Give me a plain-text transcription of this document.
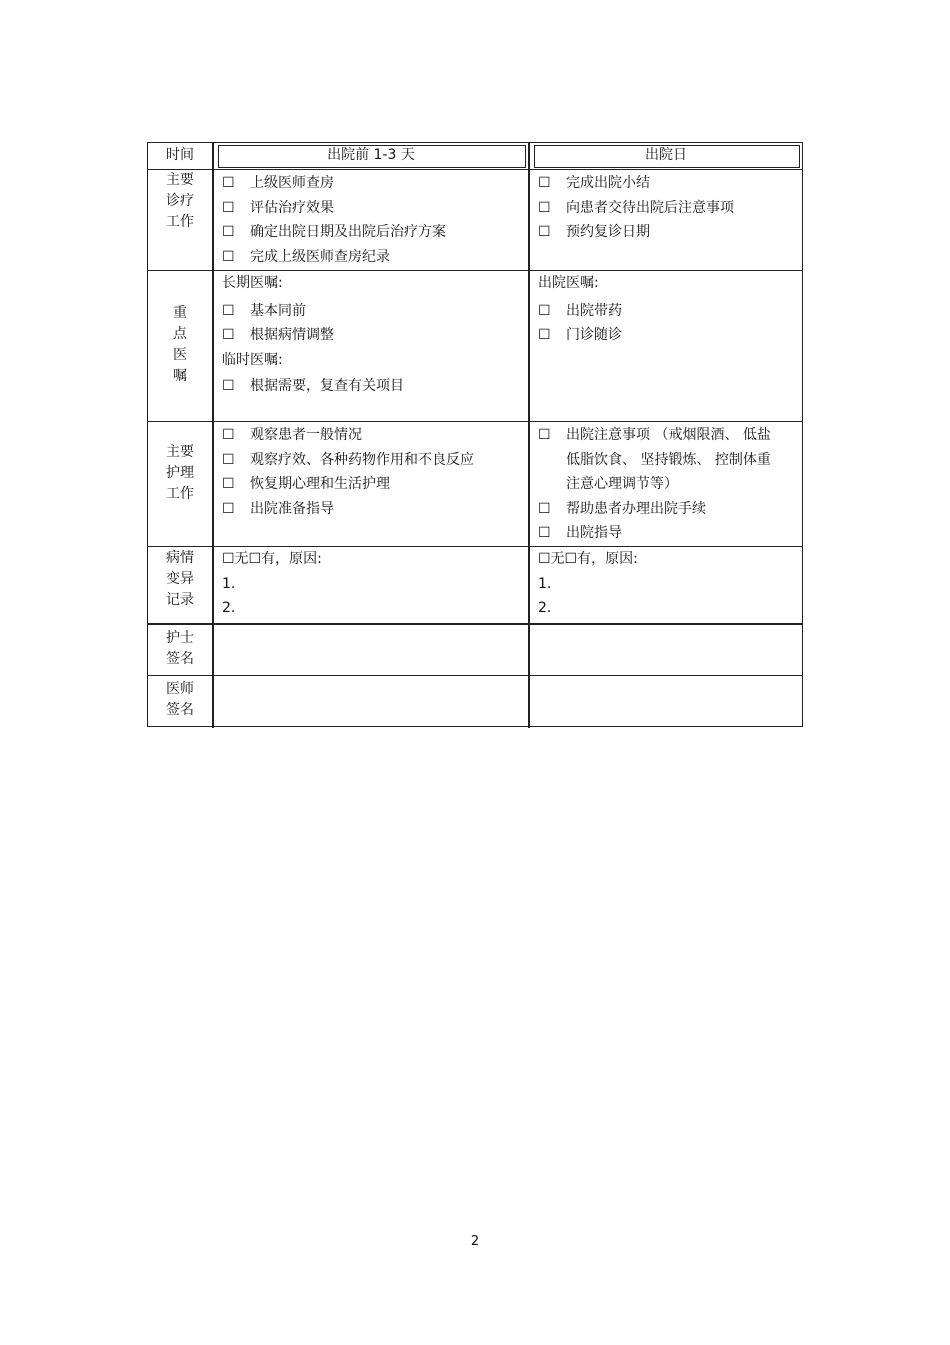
时间	出院前 1-3 天	出院日
主要
诊疗
工作
☐ 上级医师查房
☐ 评估治疗效果
☐ 确定出院日期及出院后治疗方案
☐ 完成上级医师查房纪录
☐ 完成出院小结
☐ 向患者交待出院后注意事项
☐ 预约复诊日期
重
点
医
嘱
长期医嘱:
☐ 基本同前
☐ 根据病情调整
临时医嘱:
☐ 根据需要，复查有关项目
出院医嘱:
☐ 出院带药
☐ 门诊随诊
主要
护理
工作
☐ 观察患者一般情况
☐ 观察疗效、各种药物作用和不良反应
☐ 恢复期心理和生活护理
☐ 出院准备指导
☐ 出院注意事项 （戒烟限酒、 低盐
低脂饮食、 坚持锻炼、 控制体重
注意心理调节等）
☐ 帮助患者办理出院手续
☐ 出院指导
病情
变异
记录
☐无☐有，原因:
1.
2.
☐无☐有，原因:
1.
2.
护士
签名
医师
签名
2
